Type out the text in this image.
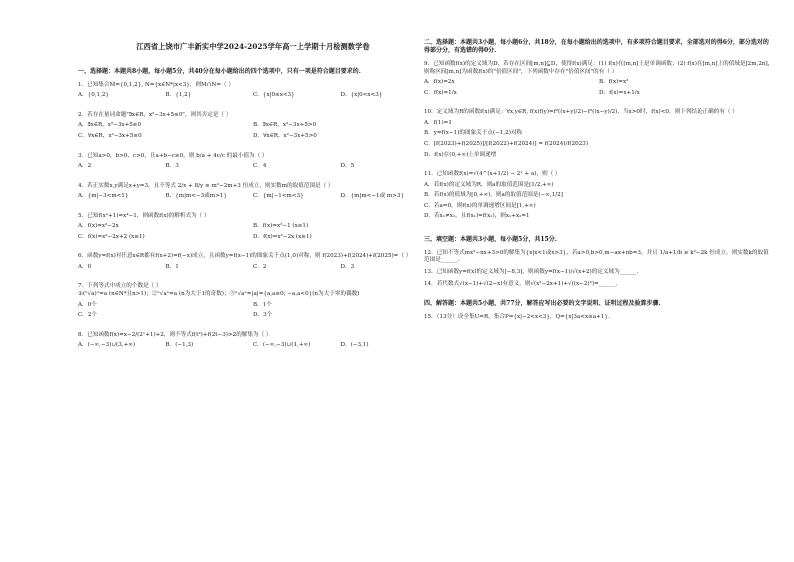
江西省上饶市广丰新实中学2024-2025学年高一上学期十月检测数学卷
一、选择题：本题共8小题，每小题5分，共40分在每小题给出的四个选项中，只有一项是符合题目要求的.
1．已知集合M={0,1,2}, N={x∈N*|x<3}，则M∩N=（ ）
A．{0,1,2}	B．{1,2}	C．{x|0≤x<3}	D．{x|0<x<3}
2．若存在量词命题"∃x∈R，x²−3x+5≤0"，则其否定是（ ）
A．∃x∈R，x²−3x+5≥0	B．∃x∈R，x²−3x+5>0
C．∀x∈R，x²−3x+5≥0	D．∀x∈R，x²−3x+5>0
3．已知a>0，b>0，c>0，且a+b−c≥0，则 b/a + 4c/c 的最小值为（ ）
A．2	B．3	C．4	D．5
4．若正实数x,y满足x+y=3，且不等式 2/x + 8/y ≥ m²−2m+3 恒成立，则实数m的取值范围是（ ）
A．{m|−3<m<1}	B．{m|m<−3或m>1}	C．{m|−1<m<3}	D．{m|m<−1或 m>3}
5．已知f(x²+1)=x⁴−1，则函数f(x)的解析式为（ ）
A．f(x)=x²−2x	B．f(x)=x²−1 (x≥1)
C．f(x)=x²−2x+2 (x≥1)	D．f(x)=x²−2x (x≥1)
6．函数y=f(x)对任意x∈R都有f(x+2)=f(−x)成立，且函数y=f(x−1)的图象关于点(1,0)对称，则 f(2023)+f(2024)+f(2025)=（ ）
A．0	B．1	C．2	D．3
7．下列等式中成立的个数是（ ）
①(ⁿ√a)ⁿ=a (n∈N*且n>1)；②ⁿ√aⁿ=a (n为大于1的奇数)；③ⁿ√aⁿ=|a|={a,a≥0; −a,a<0}(n为大于零的偶数)
A．0个	B．1个
C．2个	D．3个
8．已知函数f(x)=x−2/(2ˣ+1)+2，则不等式f(t²)+f(2t−3)>2的解集为（ ）
A．(−∞,−3)∪(3,+∞)	B．(−1,3)	C．(−∞,−3)∪(1,+∞)	D．(−3,1)
二、选择题：本题共3小题，每小题6分，共18分，在每小题给出的选项中，有多项符合题目要求，全部选对的得6分，部分选对的得部分分，有选错的得0分.
9．已知函数f(x)的定义域为D，若存在区间[m,n]⊆D，使得f(x)满足：(1) f(x)在[m,n]上是单调函数；(2) f(x)在[m,n]上的值域是[2m,2n]，则称区间[m,n]为函数f(x)的"倍值区间"，下列函数中存在"倍值区间"的有（ ）
A．f(x)=2x	B．f(x)=x²
C．f(x)=1/x	D．f(x)=x+1/x
10．定义域为R的函数f(x)满足：∀x,y∈R, f(x)f(y)=f²((x+y)/2)−f²((x−y)/2)，当x>0时，f(x)<0，则下列结论正确的有（ ）
A．f(1)=1
B．y=f(x−1)的图象关于点(−1,2)对称
C．[f(2023)+f(2025)]/[f(2022)+f(2024)] = f(2024)/f(2023)
D．f(x)在(0,+∞)上单调递增
11．已知函数f(x)=√(4^(x+1/2) − 2ˣ + a)，则（ ）
A．若f(x)的定义域为R，则a的取值范围是[1/2,+∞)
B．若f(x)的值域为[0,+∞)，则a的取值范围是(−∞,1/2]
C．若a=0，则f(x)的单调递增区间是[1,+∞)
D．若x₁≠x₂，且f(x₁)=f(x₂)，则x₁+x₂=1
三、填空题：本题共3小题，每小题5分，共15分.
12．已知不等式mx²−nx+3>0的解集为{x|x<1或x>3}，若a>0,b>0,m−ax+nb=3，并且 1/a+1/b ≥ k²−2k 恒成立，则实数k的取值范围是______.
13．已知函数y=f(x)的定义域为[−8,3]，则函数y=f(x−1)/√(x+2)的定义域为______.
14．若代数式√(x−1)+√(2−x)有意义，则√(x²−2x+1)+√((x−2)²)=______.
四、解答题：本题共5小题，共77分，解答应写出必要的文字说明、证明过程及验算步骤.
15．（13分）设全集U=R，集合P={x|−2<x<3}，Q={x|3a<x≤a+1}.
